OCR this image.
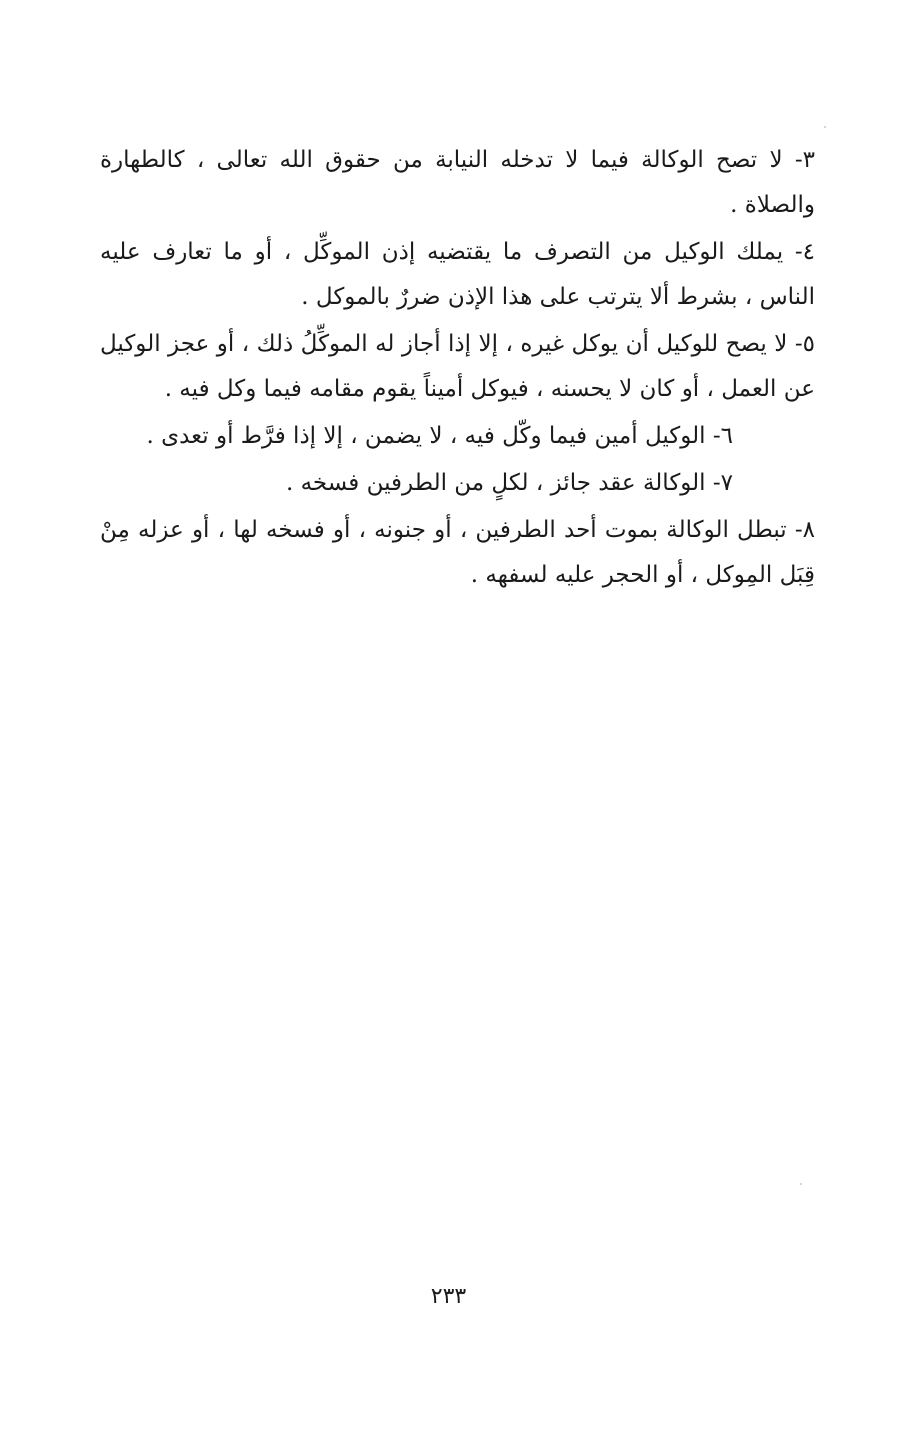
٣- لا تصح الوكالة فيما لا تدخله النيابة من حقوق الله تعالى ، كالطهارة والصلاة .

٤- يملك الوكيل من التصرف ما يقتضيه إذن الموكِّل ، أو ما تعارف عليه الناس ، بشرط ألا يترتب على هذا الإذن ضررٌ بالموكل .

٥- لا يصح للوكيل أن يوكل غيره ، إلا إذا أجاز له الموكِّلُ ذلك ، أو عجز الوكيل عن العمل ، أو كان لا يحسنه ، فيوكل أميناً يقوم مقامه فيما وكل فيه .

٦- الوكيل أمين فيما وكّل فيه ، لا يضمن ، إلا إذا فرَّط أو تعدى .

٧- الوكالة عقد جائز ، لكلٍ من الطرفين فسخه .

٨- تبطل الوكالة بموت أحد الطرفين ، أو جنونه ، أو فسخه لها ، أو عزله مِنْ قِبَل المِوكل ، أو الحجر عليه لسفهه .

٢٣٣
